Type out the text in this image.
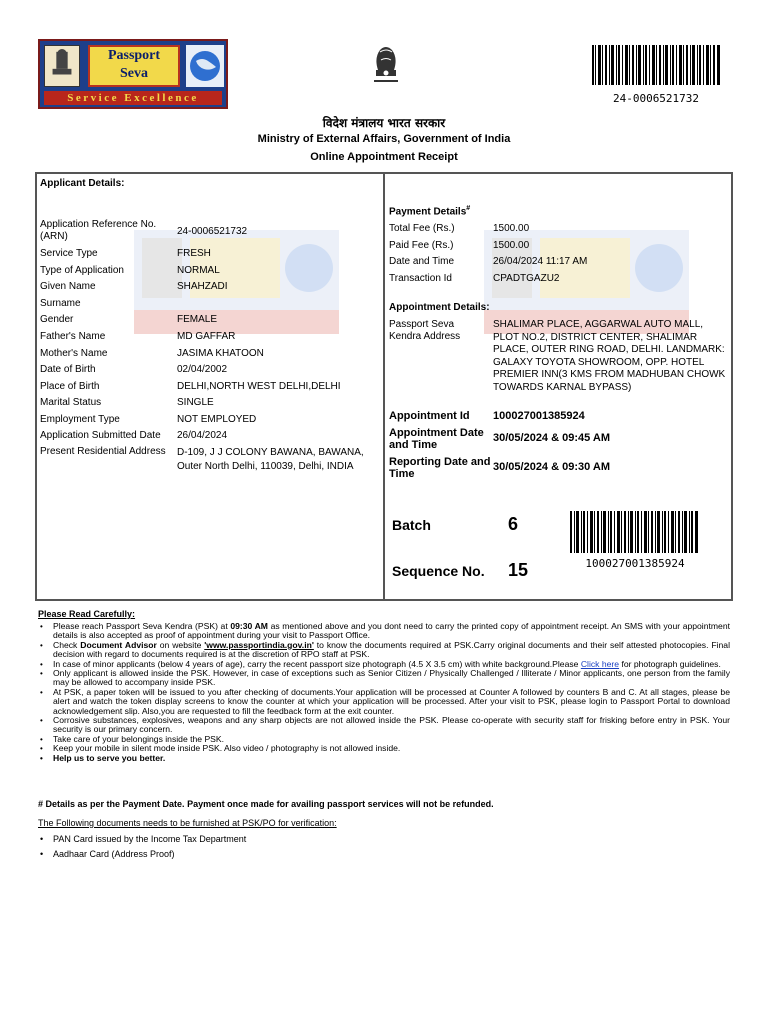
Passport
Seva
Service Excellence	24-0006521732
विदेश मंत्रालय भारत सरकार
Ministry of External Affairs, Government of India
Online Appointment Receipt
Applicant Details:
Application Reference No. (ARN)	24-0006521732
Service Type	FRESH
Type of Application	NORMAL
Given Name	SHAHZADI
Surname
Gender	FEMALE
Father's Name	MD GAFFAR
Mother's Name	JASIMA KHATOON
Date of Birth	02/04/2002
Place of Birth	DELHI,NORTH WEST DELHI,DELHI
Marital Status	SINGLE
Employment Type	NOT EMPLOYED
Application Submitted Date 26/04/2024
Present Residential Address D-109, J J COLONY BAWANA, BAWANA, Outer North Delhi, 110039, Delhi, INDIA
Payment Details#
Total Fee (Rs.)	1500.00
Paid Fee (Rs.)	1500.00
Date and Time	26/04/2024 11:17 AM
Transaction Id	CPADTGAZU2
Appointment Details:
Passport Seva Kendra Address
SHALIMAR PLACE, AGGARWAL AUTO MALL, PLOT NO.2, DISTRICT CENTER, SHALIMAR PLACE, OUTER RING ROAD, DELHI. LANDMARK: GALAXY TOYOTA SHOWROOM, OPP. HOTEL PREMIER INN(3 KMS FROM MADHUBAN CHOWK TOWARDS KARNAL BYPASS)
Appointment Id 100027001385924
Appointment Date and Time
30/05/2024 & 09:45 AM
Reporting Date and Time
30/05/2024 & 09:30 AM
Batch	6
Sequence No. 15	100027001385924
Please Read Carefully:
• Please reach Passport Seva Kendra (PSK) at 09:30 AM as mentioned above and you dont need to carry the printed copy of appointment receipt. An SMS with your appointment details is also accepted as proof of appointment during your visit to Passport Office.
• Check Document Advisor on website 'www.passportindia.gov.in' to know the documents required at PSK.Carry original documents and their self attested photocopies. Final decision with regard to documents required is at the discretion of RPO staff at PSK.
• In case of minor applicants (below 4 years of age), carry the recent passport size photograph (4.5 X 3.5 cm) with white background.Please Click here for photograph guidelines.
• Only applicant is allowed inside the PSK. However, in case of exceptions such as Senior Citizen / Physically Challenged / Illiterate / Minor applicants, one person from the family may be allowed to accompany inside PSK.
• At PSK, a paper token will be issued to you after checking of documents.Your application will be processed at Counter A followed by counters B and C. At all stages, please be alert and watch the token display screens to know the counter at which your application will be processed. After your visit to PSK, please login to Passport Portal to download acknowledgement slip. Also,you are requested to fill the feedback form at the exit counter.
• Corrosive substances, explosives, weapons and any sharp objects are not allowed inside the PSK. Please co-operate with security staff for frisking before entry in PSK. Your security is our primary concern.
• Take care of your belongings inside the PSK.
• Keep your mobile in silent mode inside PSK. Also video / photography is not allowed inside.
• Help us to serve you better.
# Details as per the Payment Date. Payment once made for availing passport services will not be refunded.
The Following documents needs to be furnished at PSK/PO for verification:
• PAN Card issued by the Income Tax Department
• Aadhaar Card (Address Proof)
